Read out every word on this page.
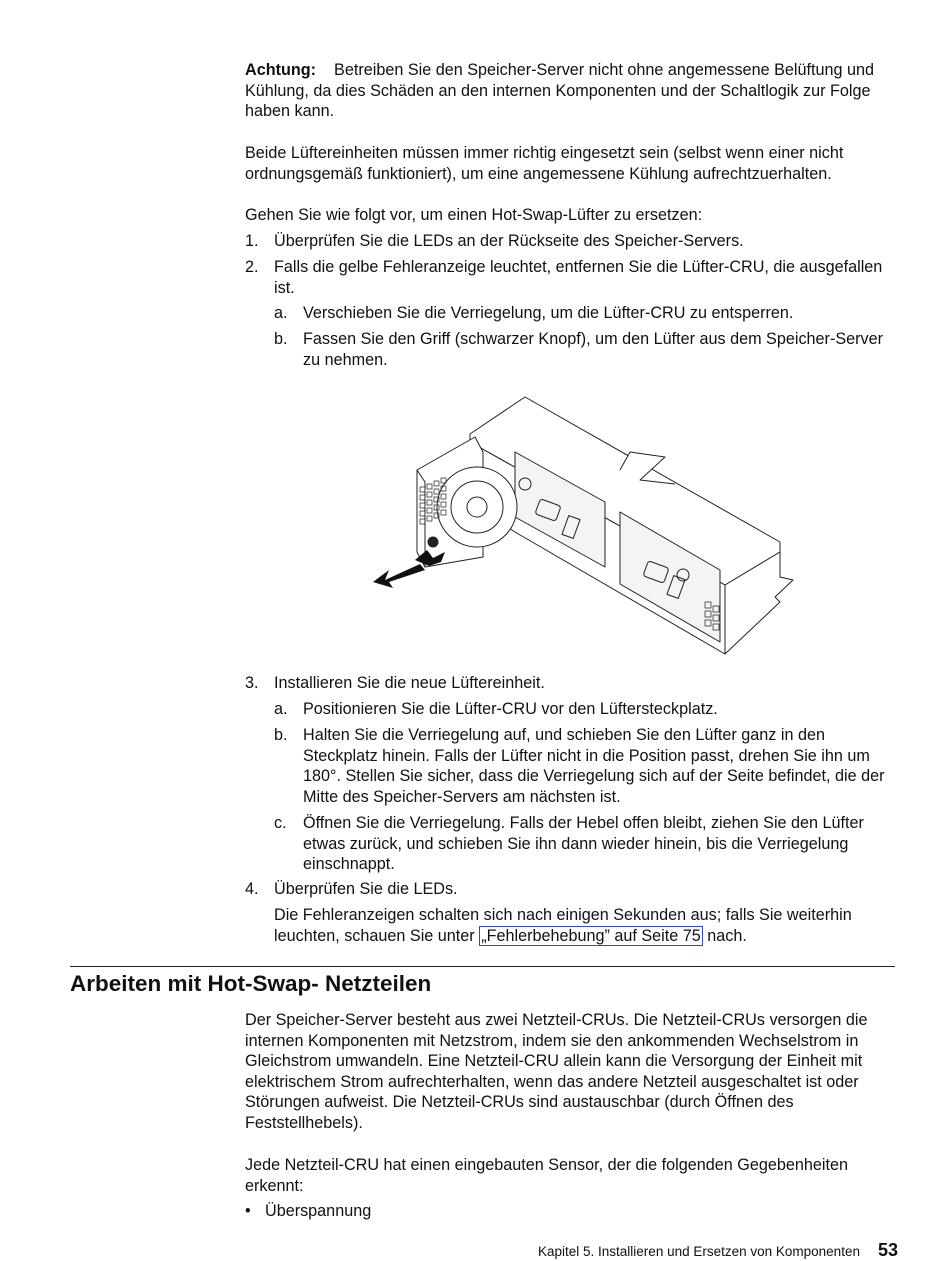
Achtung: Betreiben Sie den Speicher-Server nicht ohne angemessene Belüftung und Kühlung, da dies Schäden an den internen Komponenten und der Schaltlogik zur Folge haben kann.

Beide Lüftereinheiten müssen immer richtig eingesetzt sein (selbst wenn einer nicht ordnungsgemäß funktioniert), um eine angemessene Kühlung aufrechtzuerhalten.

Gehen Sie wie folgt vor, um einen Hot-Swap-Lüfter zu ersetzen:

1. Überprüfen Sie die LEDs an der Rückseite des Speicher-Servers.
2. Falls die gelbe Fehleranzeige leuchtet, entfernen Sie die Lüfter-CRU, die ausgefallen ist.
a. Verschieben Sie die Verriegelung, um die Lüfter-CRU zu entsperren.
b. Fassen Sie den Griff (schwarzer Knopf), um den Lüfter aus dem Speicher-Server zu nehmen.
3. Installieren Sie die neue Lüftereinheit.
a. Positionieren Sie die Lüfter-CRU vor den Lüftersteckplatz.
b. Halten Sie die Verriegelung auf, und schieben Sie den Lüfter ganz in den Steckplatz hinein. Falls der Lüfter nicht in die Position passt, drehen Sie ihn um 180°. Stellen Sie sicher, dass die Verriegelung sich auf der Seite befindet, die der Mitte des Speicher-Servers am nächsten ist.
c. Öffnen Sie die Verriegelung. Falls der Hebel offen bleibt, ziehen Sie den Lüfter etwas zurück, und schieben Sie ihn dann wieder hinein, bis die Verriegelung einschnappt.
4. Überprüfen Sie die LEDs.
Die Fehleranzeigen schalten sich nach einigen Sekunden aus; falls Sie weiterhin leuchten, schauen Sie unter „Fehlerbehebung” auf Seite 75 nach.
Arbeiten mit Hot-Swap- Netzteilen

Der Speicher-Server besteht aus zwei Netzteil-CRUs. Die Netzteil-CRUs versorgen die internen Komponenten mit Netzstrom, indem sie den ankommenden Wechselstrom in Gleichstrom umwandeln. Eine Netzteil-CRU allein kann die Versorgung der Einheit mit elektrischem Strom aufrechterhalten, wenn das andere Netzteil ausgeschaltet ist oder Störungen aufweist. Die Netzteil-CRUs sind austauschbar (durch Öffnen des Feststellhebels).

Jede Netzteil-CRU hat einen eingebauten Sensor, der die folgenden Gegebenheiten erkennt:

• Überspannung
Kapitel 5. Installieren und Ersetzen von Komponenten 53
